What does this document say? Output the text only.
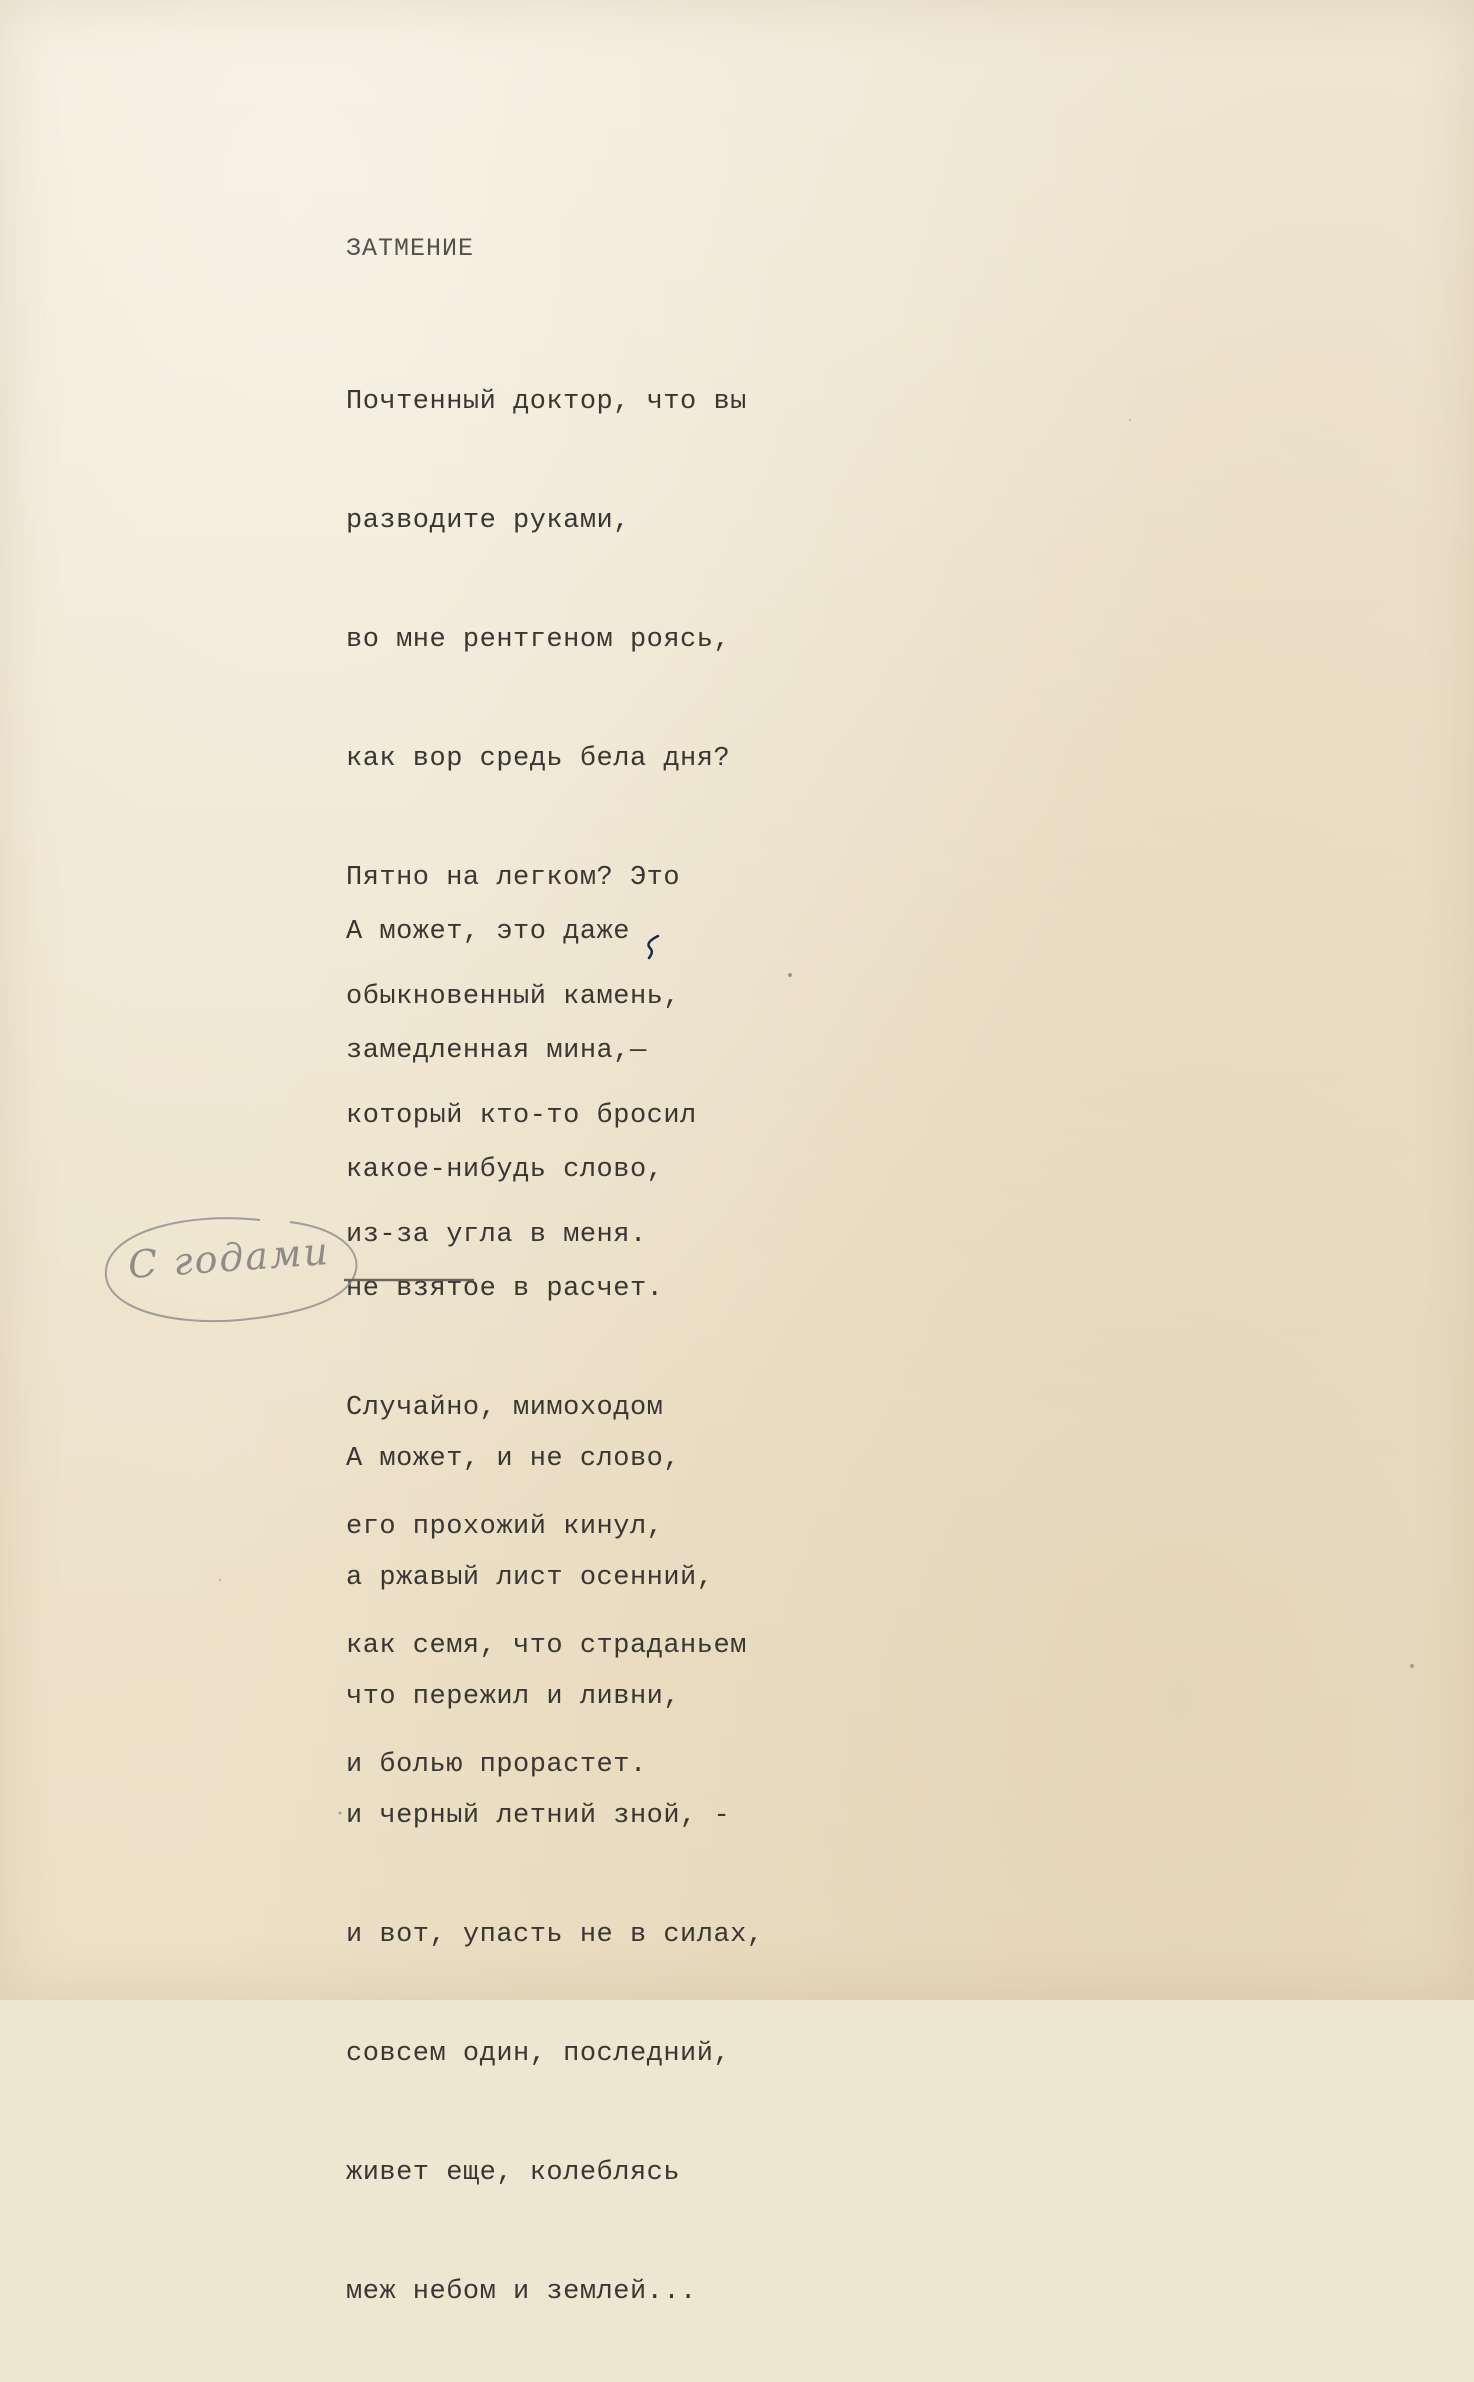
ЗАТМЕНИЕ

Почтенный доктор, что вы

разводите руками,

во мне рентгеном роясь,

как вор средь бела дня?

Пятно на легком? Это

обыкновенный камень,

который кто-то бросил

из-за угла в меня.

А может, это даже

замедленная мина,—

какое-нибудь слово,

не взятое в расчет.

Случайно, мимоходом

его прохожий кинул,

как семя, что страданьем

и болью прорастет.

А может, и не слово,

а ржавый лист осенний,

что пережил и ливни,

и черный летний зной, -

и вот, упасть не в силах,

совсем один, последний,

живет еще, колеблясь

меж небом и землей...

С годами
